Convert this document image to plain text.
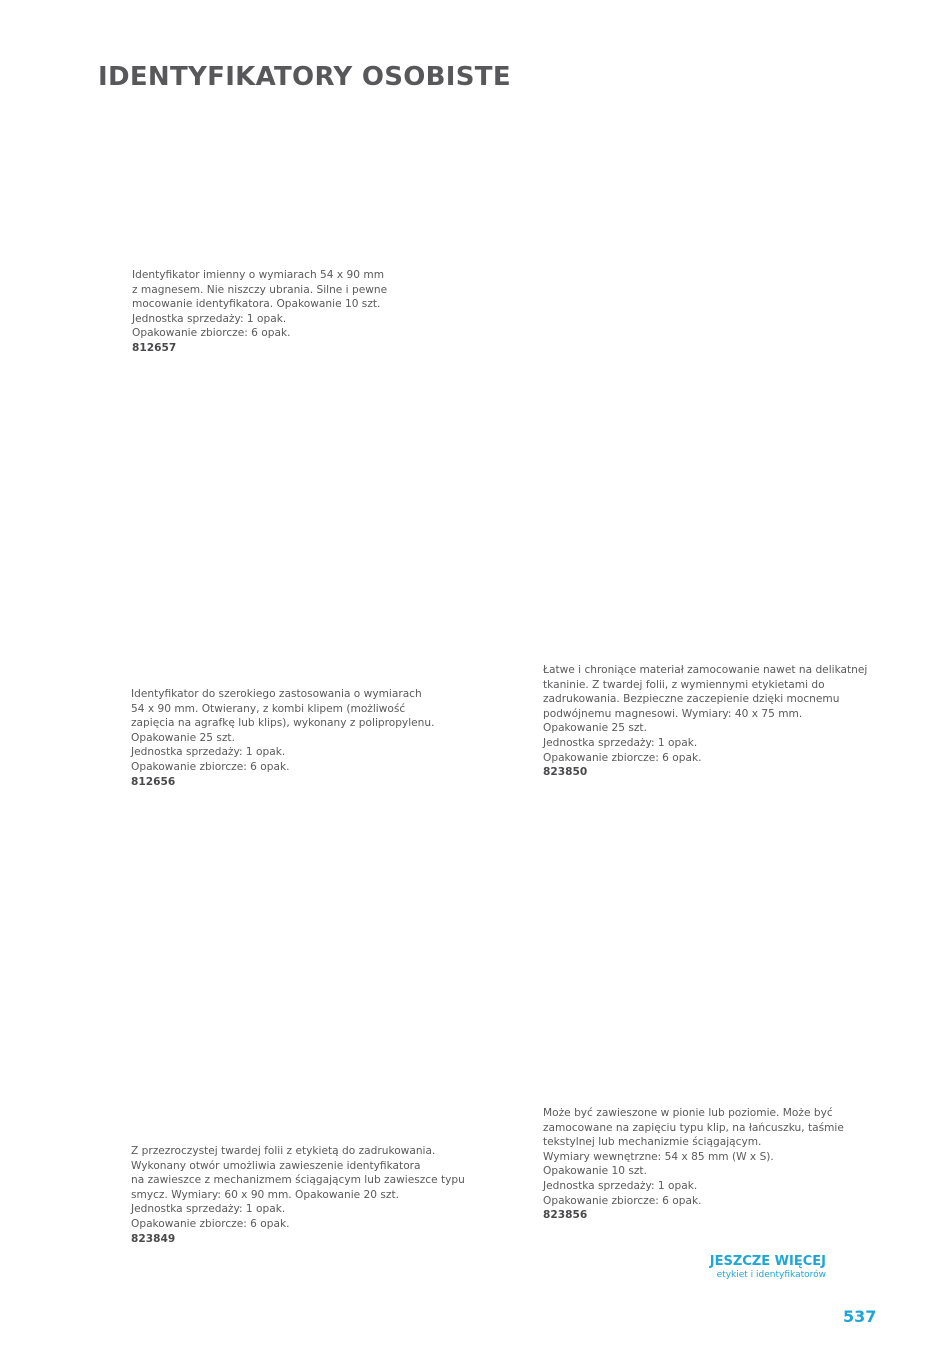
IDENTYFIKATORY OSOBISTE
Identyfikator imienny o wymiarach 54 x 90 mm
z magnesem. Nie niszczy ubrania. Silne i pewne
mocowanie identyfikatora. Opakowanie 10 szt.
Jednostka sprzedaży: 1 opak.
Opakowanie zbiorcze: 6 opak.
812657
Identyfikator do szerokiego zastosowania o wymiarach
54 x 90 mm. Otwierany, z kombi klipem (możliwość
zapięcia na agrafkę lub klips), wykonany z polipropylenu.
Opakowanie 25 szt.
Jednostka sprzedaży: 1 opak.
Opakowanie zbiorcze: 6 opak.
812656
Łatwe i chroniące materiał zamocowanie nawet na delikatnej
tkaninie. Z twardej folii, z wymiennymi etykietami do
zadrukowania. Bezpieczne zaczepienie dzięki mocnemu
podwójnemu magnesowi. Wymiary: 40 x 75 mm.
Opakowanie 25 szt.
Jednostka sprzedaży: 1 opak.
Opakowanie zbiorcze: 6 opak.
823850
Z przezroczystej twardej folii z etykietą do zadrukowania.
Wykonany otwór umożliwia zawieszenie identyfikatora
na zawieszce z mechanizmem ściągającym lub zawieszce typu
smycz. Wymiary: 60 x 90 mm. Opakowanie 20 szt.
Jednostka sprzedaży: 1 opak.
Opakowanie zbiorcze: 6 opak.
823849
Może być zawieszone w pionie lub poziomie. Może być
zamocowane na zapięciu typu klip, na łańcuszku, taśmie
tekstylnej lub mechanizmie ściągającym.
Wymiary wewnętrzne: 54 x 85 mm (W x S).
Opakowanie 10 szt.
Jednostka sprzedaży: 1 opak.
Opakowanie zbiorcze: 6 opak.
823856
JESZCZE WIĘCEJ
etykiet i identyfikatorów
537
